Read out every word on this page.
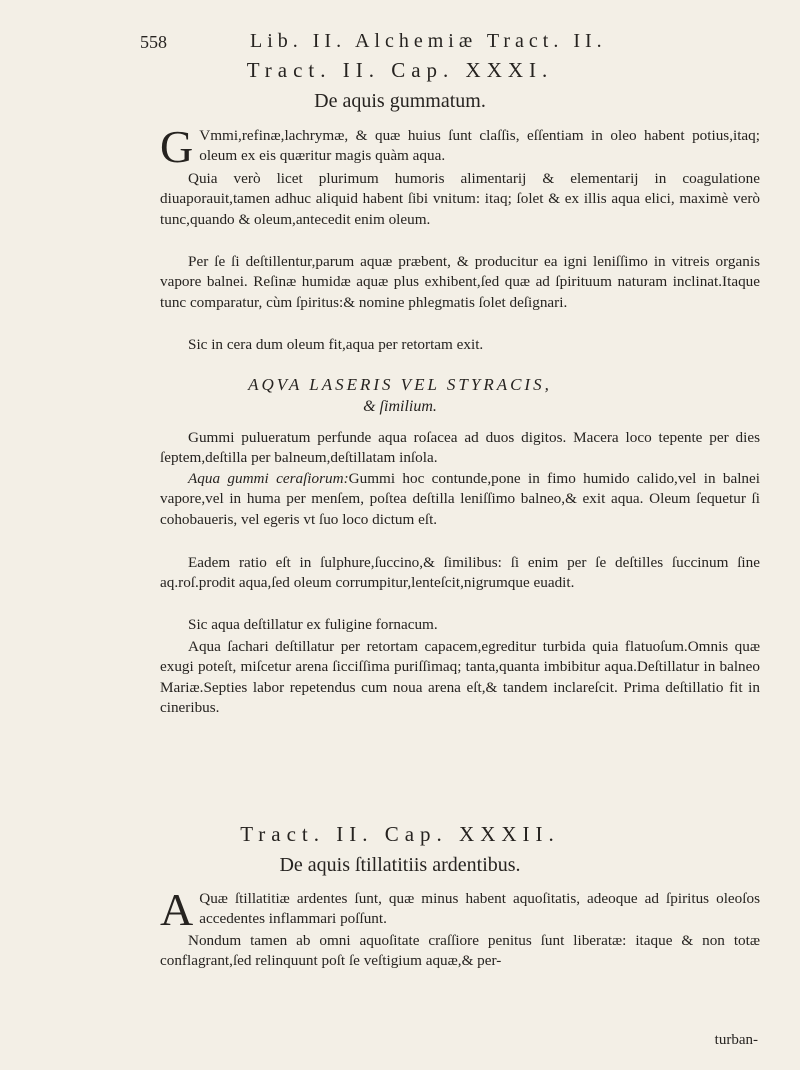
558	Lib. II. Alchemiæ Tract. II.
Tract. II. Cap. XXXI.
De aquis gummatum.
G Vmmi,refinæ,lachrymæ, & quæ huius ſunt claſſis, eſſentiam in oleo habent potius,itaq; oleum ex eis quæritur magis quàm aqua.

Quia verò licet plurimum humoris alimentarij & elementarij in coagulatione diuaporauit,tamen adhuc aliquid habent ſibi vnitum: itaq; ſolet & ex illis aqua elici, maximè verò tunc,quando & oleum,antecedit enim oleum.

Per ſe ſi deſtillentur,parum aquæ præbent, & producitur ea igni leniſſimo in vitreis organis vapore balnei. Reſinæ humidæ aquæ plus exhibent,ſed quæ ad ſpirituum naturam inclinat.Itaque tunc comparatur, cùm ſpiritus:& nomine phlegmatis ſolet deſignari.

Sic in cera dum oleum fit,aqua per retortam exit.

AQVA LASERIS VEL STYRACIS,
& ſimilium.

Gummi pulueratum perfunde aqua roſacea ad duos digitos. Macera loco tepente per dies ſeptem,deſtilla per balneum,deſtillatam inſola.

Aqua gummi ceraſiorum:Gummi hoc contunde,pone in fimo humido calido,vel in balnei vapore,vel in huma per menſem, poſtea deſtilla leniſſimo balneo,& exit aqua. Oleum ſequetur ſi cohobaueris, vel egeris vt ſuo loco dictum eſt.

Eadem ratio eſt in ſulphure,ſuccino,& ſimilibus: ſi enim per ſe deſtilles ſuccinum ſine aq.roſ.prodit aqua,ſed oleum corrumpitur,lenteſcit,nigrumque euadit.

Sic aqua deſtillatur ex fuligine fornacum.

Aqua ſachari deſtillatur per retortam capacem,egreditur turbida quia flatuoſum.Omnis quæ exugi poteſt, miſcetur arena ſicciſſima puriſſimaq; tanta,quanta imbibitur aqua.Deſtillatur in balneo Mariæ.Septies labor repetendus cum noua arena eſt,& tandem inclareſcit. Prima deſtillatio fit in cineribus.

Tract. II. Cap. XXXII.
De aquis ſtillatitiis ardentibus.
A Quæ ſtillatitiæ ardentes ſunt, quæ minus habent aquoſitatis, adeoque ad ſpiritus oleoſos accedentes inflammari poſſunt.

Nondum tamen ab omni aquoſitate craſſiore penitus ſunt liberatæ: itaque & non totæ conflagrant,ſed relinquunt poſt ſe veſtigium aquæ,& per-

turban-
